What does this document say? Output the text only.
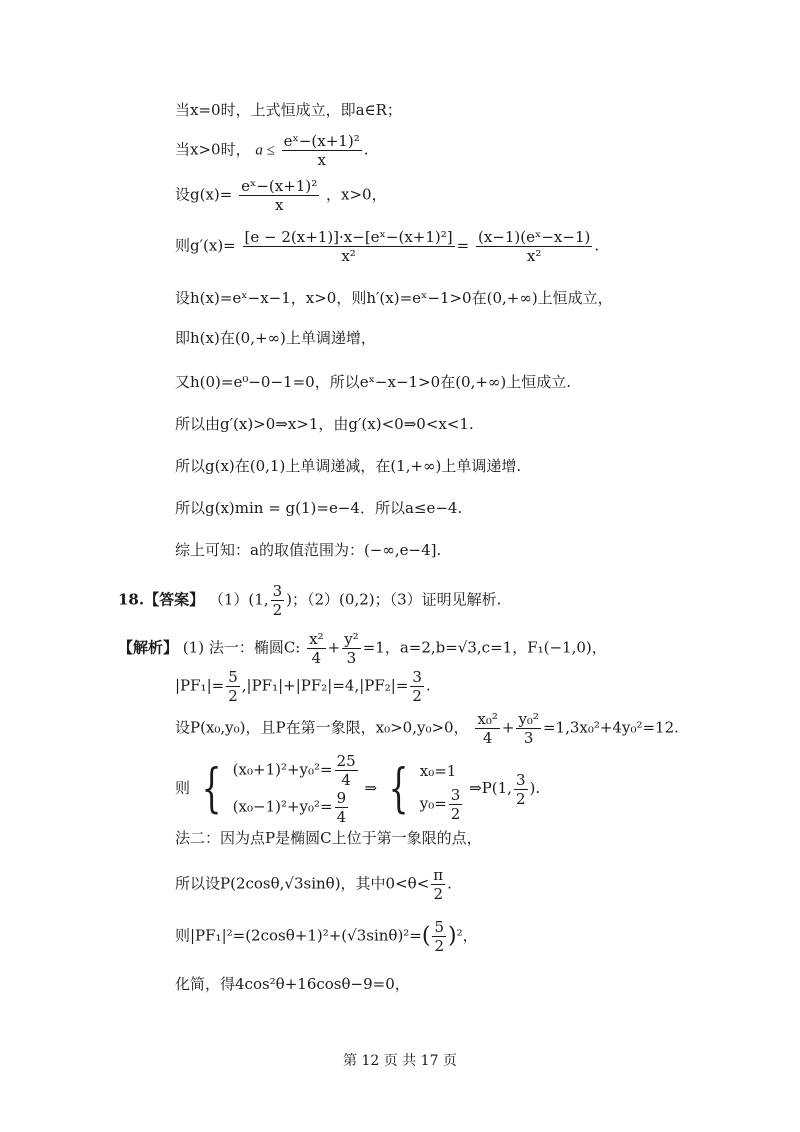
当x=0时，上式恒成立，即a∈R；
当x>0时， $a \le \frac{\text{eˣ−(x+1)²}}{x}$ .
设$g(x)= \frac{\text{eˣ−(x+1)²}}{x}$ ，x>0，
则$g'(x)= \frac{\text{[e − 2(x+1)]·x−[eˣ−(x+1)²]}}{\text{x²}} = \frac{\text{(x−1)(eˣ−x−1)}}{\text{x²}}$ .
设h(x)=eˣ−x−1，x>0，则h′(x)=eˣ−1>0在(0,+∞)上恒成立，
即h(x)在(0,+∞)上单调递增，
又h(0)=e⁰−0−1=0，所以eˣ−x−1>0在(0,+∞)上恒成立.
所以由g′(x)>0⇒x>1，由g′(x)<0⇒0<x<1.
所以g(x)在(0,1)上单调递减，在(1,+∞)上单调递增.
所以g(x)min = g(1)=e−4．所以a≤e−4.
综上可知：a的取值范围为：(−∞,e−4].
18.【答案】 （1）(1, $\frac{3}{2}$ )；（2）(0,2)；（3）证明见解析.
【解析】 (1) 法一：椭圆C: $\frac{\text{x²}}{4} + \frac{\text{y²}}{3} =1$，a=2,b=√3,c=1，F₁(−1,0)，
$|PF_1|= \frac{5}{2} ,|PF_1|+|PF_2|=4,|PF_2|= \frac{3}{2}$ .
设P(x₀,y₀)，且P在第一象限，x₀>0,y₀>0， $\frac{\text{x₀²}}{4} + \frac{\text{y₀²}}{3} =1,3x_0^2+4y_0^2=12$.
则 { $(x_0+1)^2+y_0^2= \frac{25}{4}$
$(x_0-1)^2+y_0^2= \frac{9}{4}$
⇒ { x₀=1
$y_0= \frac{3}{2}$ ⇒P(1, $\frac{3}{2}$ ).
法二：因为点P是椭圆C上位于第一象限的点，
所以设P(2cosθ,√3sinθ)，其中$0<\theta< \frac{\pi}{2}$ .
则$|PF_1|^2=(2\cos\theta+1)^2+(√3\sin\theta)^2=( \frac{5}{2} )^2$，
化简，得4cos²θ+16cosθ−9=0，
第 12 页 共 17 页
